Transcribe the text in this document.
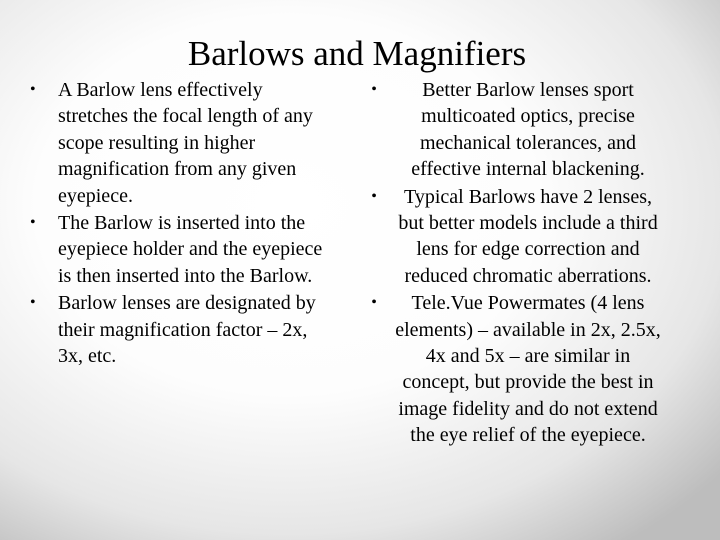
Barlows and Magnifiers
•	A Barlow lens effectively stretches the focal length of any scope resulting in higher magnification from any given eyepiece.
•	The Barlow is inserted into the eyepiece holder and the eyepiece is then inserted into the Barlow.
•	Barlow lenses are designated by their magnification factor – 2x, 3x, etc.
•	Better Barlow lenses sport multicoated optics, precise mechanical tolerances, and effective internal blackening.
•	Typical Barlows have 2 lenses, but better models include a third lens for edge correction and reduced chromatic aberrations.
•	Tele.Vue Powermates (4 lens elements) – available in 2x, 2.5x, 4x and 5x – are similar in concept, but provide the best in image fidelity and do not extend the eye relief of the eyepiece.
